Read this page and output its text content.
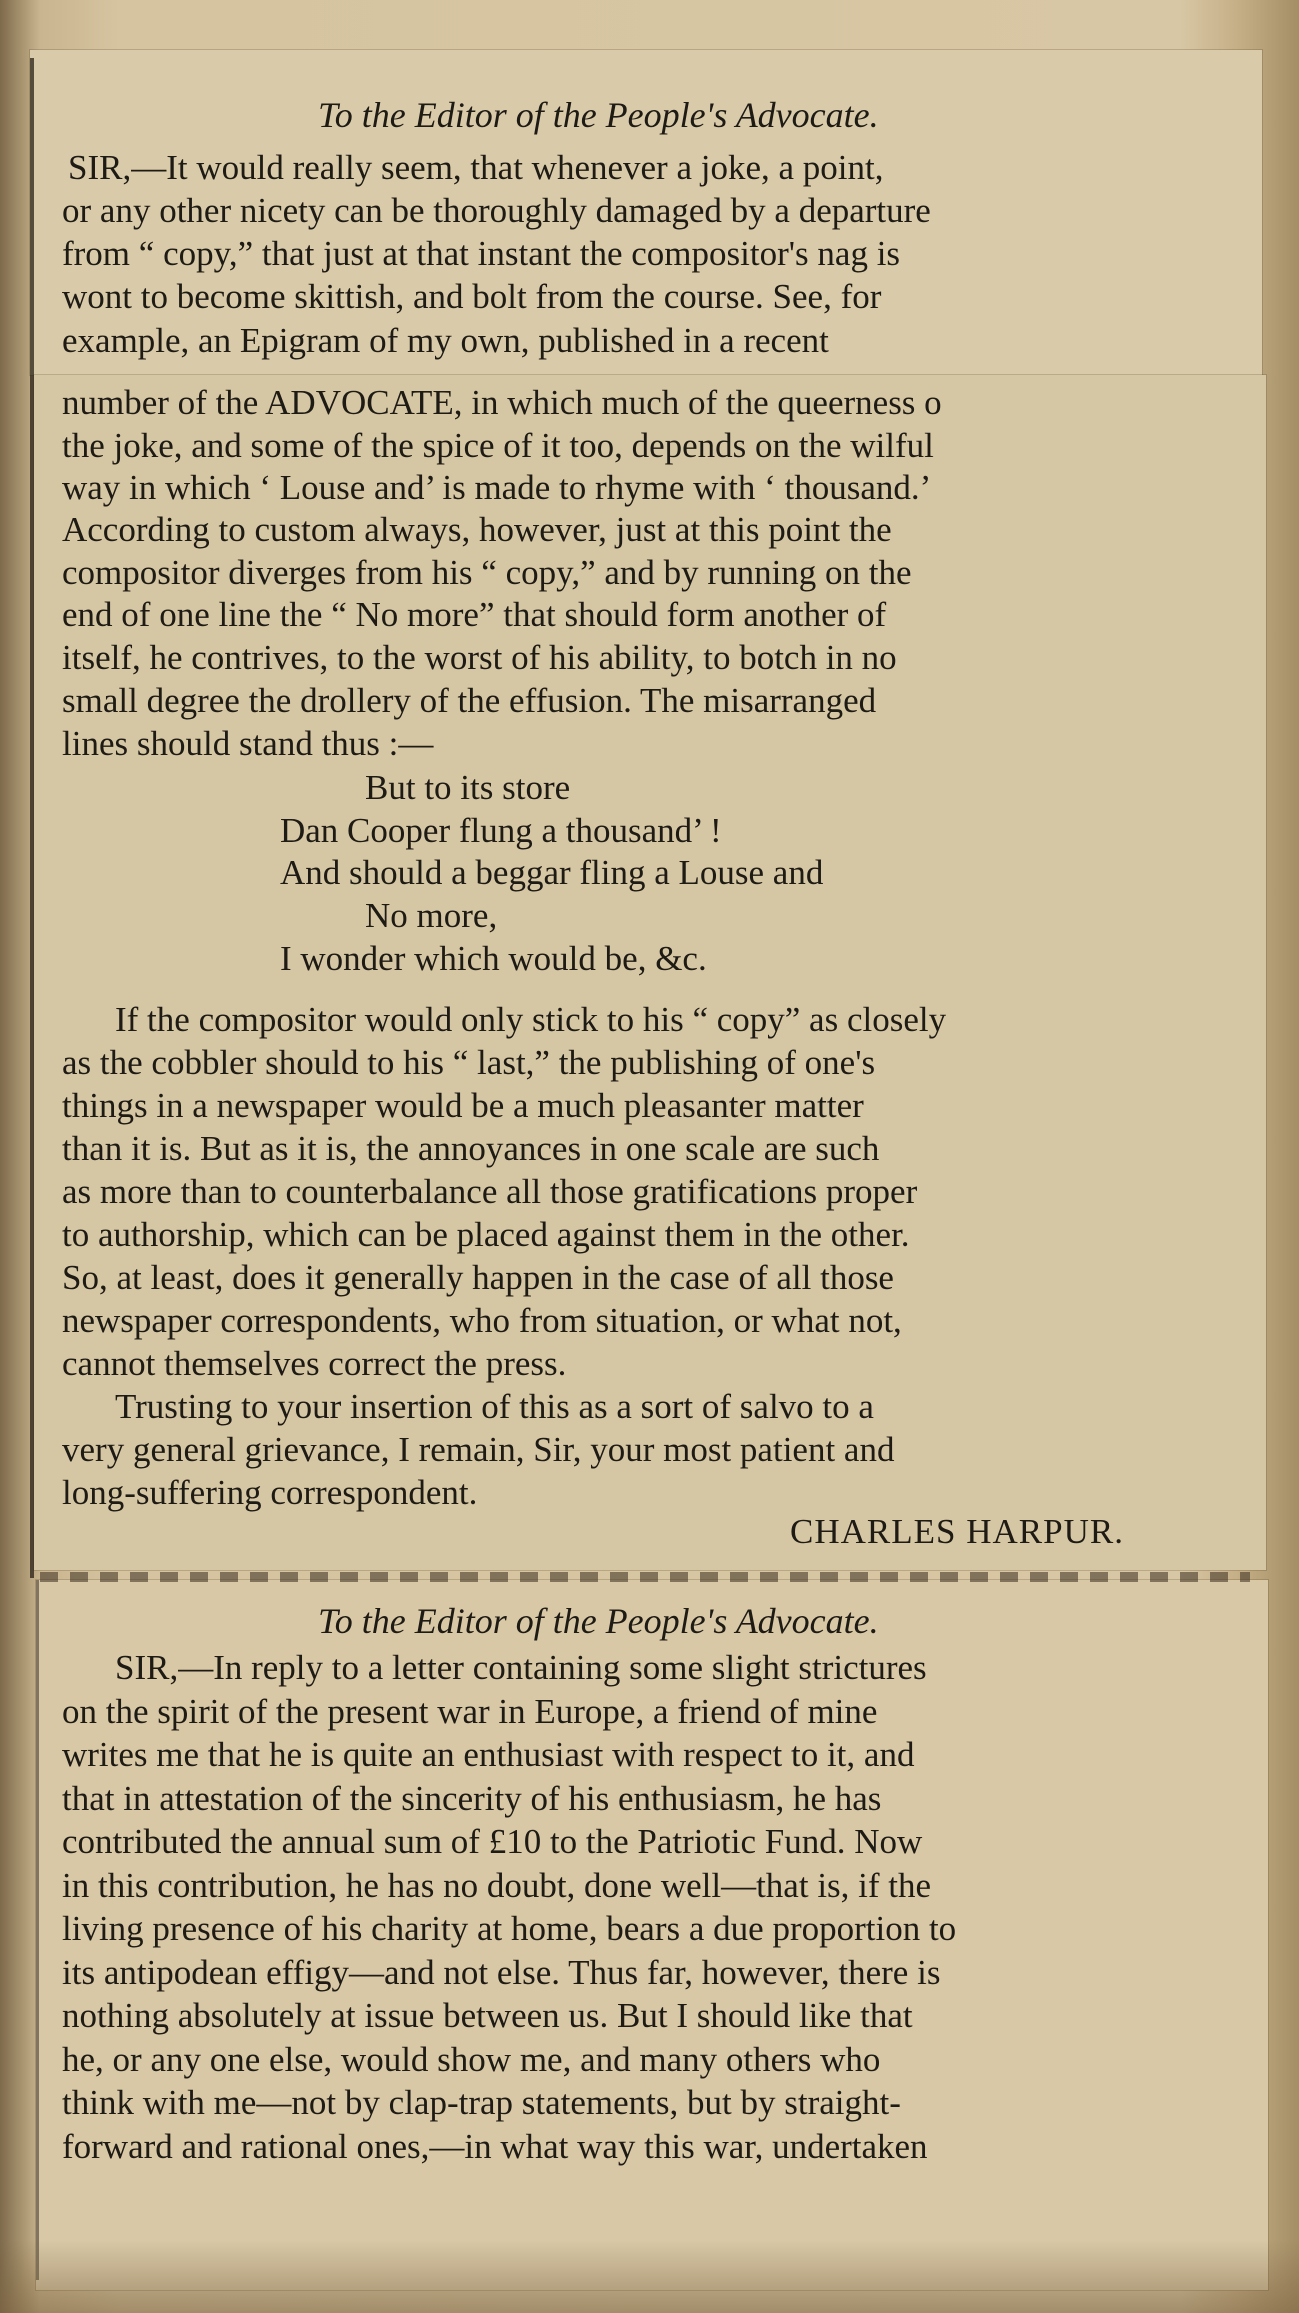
To the Editor of the People's Advocate.
SIR,—It would really seem, that whenever a joke, a point,
or any other nicety can be thoroughly damaged by a departure
from “ copy,” that just at that instant the compositor's nag is
wont to become skittish, and bolt from the course. See, for
example, an Epigram of my own, published in a recent
number of the ADVOCATE, in which much of the queerness o
the joke, and some of the spice of it too, depends on the wilful
way in which ‘ Louse and’ is made to rhyme with ‘ thousand.’
According to custom always, however, just at this point the
compositor diverges from his “ copy,” and by running on the
end of one line the “ No more” that should form another of
itself, he contrives, to the worst of his ability, to botch in no
small degree the drollery of the effusion. The misarranged
lines should stand thus :—
But to its store
Dan Cooper flung a thousand’ !
And should a beggar fling a Louse and
No more,
I wonder which would be, &c.
If the compositor would only stick to his “ copy” as closely
as the cobbler should to his “ last,” the publishing of one's
things in a newspaper would be a much pleasanter matter
than it is. But as it is, the annoyances in one scale are such
as more than to counterbalance all those gratifications proper
to authorship, which can be placed against them in the other.
So, at least, does it generally happen in the case of all those
newspaper correspondents, who from situation, or what not,
cannot themselves correct the press.
Trusting to your insertion of this as a sort of salvo to a
very general grievance, I remain, Sir, your most patient and
long-suffering correspondent.
CHARLES HARPUR.
To the Editor of the People's Advocate.
SIR,—In reply to a letter containing some slight strictures
on the spirit of the present war in Europe, a friend of mine
writes me that he is quite an enthusiast with respect to it, and
that in attestation of the sincerity of his enthusiasm, he has
contributed the annual sum of £10 to the Patriotic Fund. Now
in this contribution, he has no doubt, done well—that is, if the
living presence of his charity at home, bears a due proportion to
its antipodean effigy—and not else. Thus far, however, there is
nothing absolutely at issue between us. But I should like that
he, or any one else, would show me, and many others who
think with me—not by clap-trap statements, but by straight-
forward and rational ones,—in what way this war, undertaken
